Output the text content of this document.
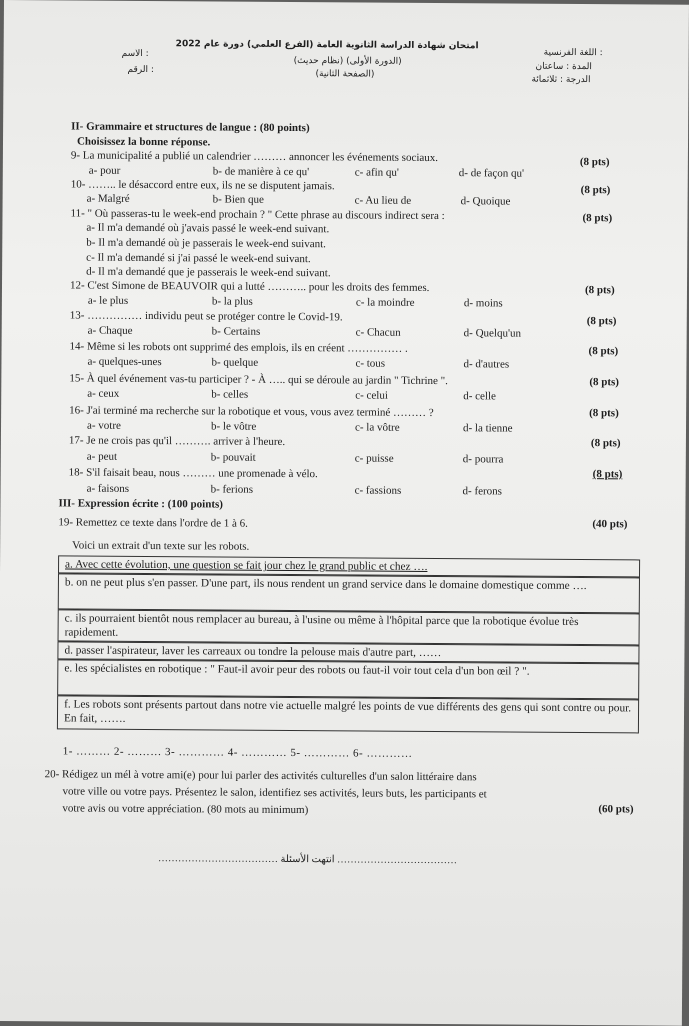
الاسم :
الرقم :
امتحان شهادة الدراسة الثانوية العامة (الفرع العلمي) دورة عام 2022
(نظام حديث) (الدورة الأولى)
(الصفحة الثانية)
اللغة الفرنسية :
المدة : ساعتان
الدرجة : ثلاثمائة
II- Grammaire et structures de langue : (80 points)
Choisissez la bonne réponse.
9- La municipalité a publié un calendrier ……… annoncer les événements sociaux.	(8 pts)
a- pour	b- de manière à ce qu'	c- afin qu'	d- de façon qu'
10- …….. le désaccord entre eux, ils ne se disputent jamais.	(8 pts)
a- Malgré	b- Bien que	c- Au lieu de	d- Quoique
11- " Où passeras-tu le week-end prochain ? " Cette phrase au discours indirect sera :	(8 pts)
a- Il m'a demandé où j'avais passé le week-end suivant.
b- Il m'a demandé où je passerais le week-end suivant.
c- Il m'a demandé si j'ai passé le week-end suivant.
d- Il m'a demandé que je passerais le week-end suivant.
12- C'est Simone de BEAUVOIR qui a lutté ……….. pour les droits des femmes.	(8 pts)
a- le plus	b- la plus	c- la moindre	d- moins
13- …………… individu peut se protéger contre le Covid-19.	(8 pts)
a- Chaque	b- Certains	c- Chacun	d- Quelqu'un
14- Même si les robots ont supprimé des emplois, ils en créent …………… .	(8 pts)
a- quelques-unes	b- quelque	c- tous	d- d'autres
15- À quel événement vas-tu participer ? - À ….. qui se déroule au jardin " Tichrine ".	(8 pts)
a- ceux	b- celles	c- celui	d- celle
16- J'ai terminé ma recherche sur la robotique et vous, vous avez terminé ……… ?	(8 pts)
a- votre	b- le vôtre	c- la vôtre	d- la tienne
17- Je ne crois pas qu'il ………. arriver à l'heure.	(8 pts)
a- peut	b- pouvait	c- puisse	d- pourra
18- S'il faisait beau, nous ……… une promenade à vélo.	(8 pts)
a- faisons	b- ferions	c- fassions	d- ferons
III- Expression écrite : (100 points)
19- Remettez ce texte dans l'ordre de 1 à 6.	(40 pts)
Voici un extrait d'un texte sur les robots.
a. Avec cette évolution, une question se fait jour chez le grand public et chez ….
b. on ne peut plus s'en passer. D'une part, ils nous rendent un grand service dans le domaine domestique comme ….
c. ils pourraient bientôt nous remplacer au bureau, à l'usine ou même à l'hôpital parce que la robotique évolue très rapidement.
d. passer l'aspirateur, laver les carreaux ou tondre la pelouse mais d'autre part, ……
e. les spécialistes en robotique : " Faut-il avoir peur des robots ou faut-il voir tout cela d'un bon œil ? ".
f. Les robots sont présents partout dans notre vie actuelle malgré les points de vue différents des gens qui sont contre ou pour. En fait, …….
1- ……… 2- ……… 3- ………… 4- ………… 5- ………… 6- …………
20- Rédigez un mél à votre ami(e) pour lui parler des activités culturelles d'un salon littéraire dans
votre ville ou votre pays. Présentez le salon, identifiez ses activités, leurs buts, les participants et
votre avis ou votre appréciation. (80 mots au minimum)	(60 pts)
……………………………… انتهت الأسئلة ………………………………
